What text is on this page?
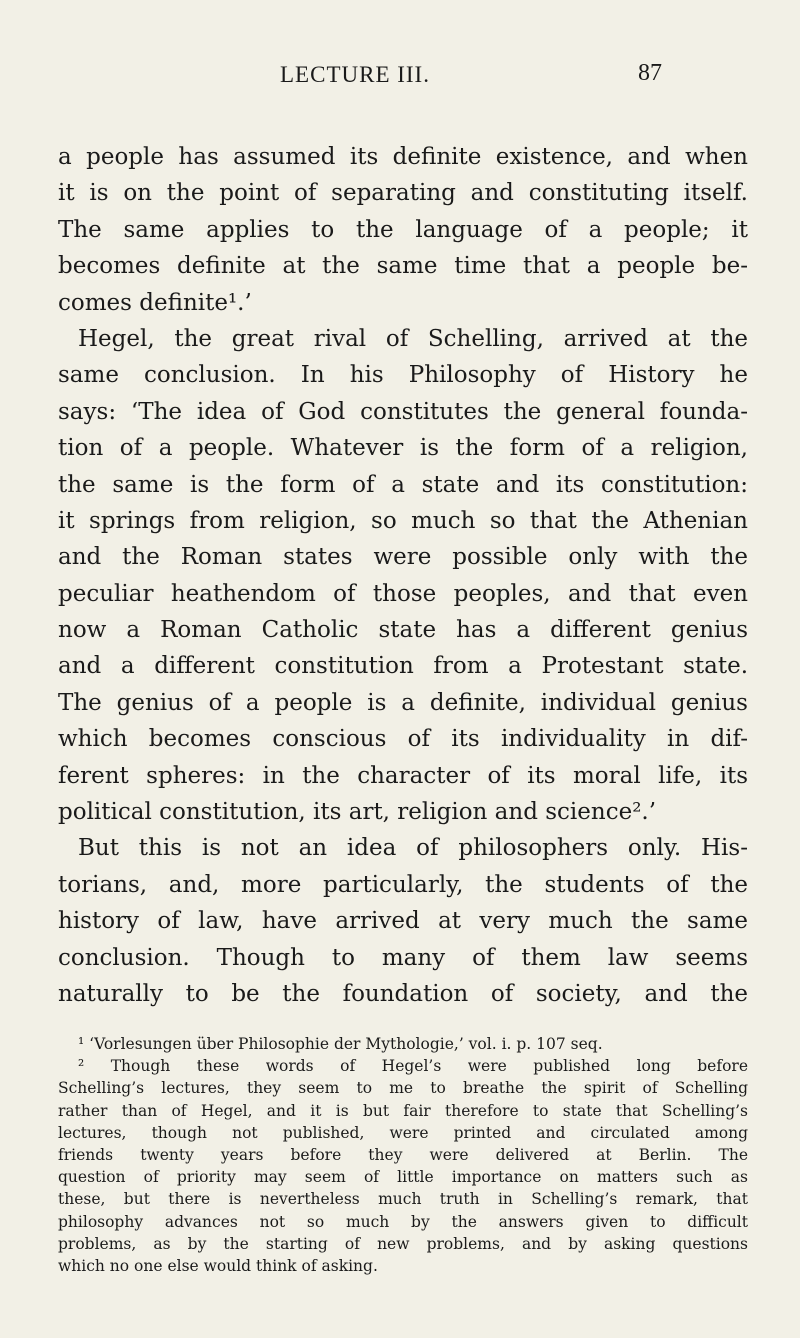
LECTURE III.	87
a people has assumed its definite existence, and when
it is on the point of separating and constituting itself.
The same applies to the language of a people; it
becomes definite at the same time that a people be-
comes definite¹.’
Hegel, the great rival of Schelling, arrived at the
same conclusion. In his Philosophy of History he
says: ‘The idea of God constitutes the general founda-
tion of a people. Whatever is the form of a religion,
the same is the form of a state and its constitution:
it springs from religion, so much so that the Athenian
and the Roman states were possible only with the
peculiar heathendom of those peoples, and that even
now a Roman Catholic state has a different genius
and a different constitution from a Protestant state.
The genius of a people is a definite, individual genius
which becomes conscious of its individuality in dif-
ferent spheres: in the character of its moral life, its
political constitution, its art, religion and science².’
But this is not an idea of philosophers only. His-
torians, and, more particularly, the students of the
history of law, have arrived at very much the same
conclusion. Though to many of them law seems
naturally to be the foundation of society, and the
¹ ‘Vorlesungen über Philosophie der Mythologie,’ vol. i. p. 107 seq.
² Though these words of Hegel’s were published long before
Schelling’s lectures, they seem to me to breathe the spirit of Schelling
rather than of Hegel, and it is but fair therefore to state that Schelling’s
lectures, though not published, were printed and circulated among
friends twenty years before they were delivered at Berlin. The
question of priority may seem of little importance on matters such as
these, but there is nevertheless much truth in Schelling’s remark, that
philosophy advances not so much by the answers given to difficult
problems, as by the starting of new problems, and by asking questions
which no one else would think of asking.
